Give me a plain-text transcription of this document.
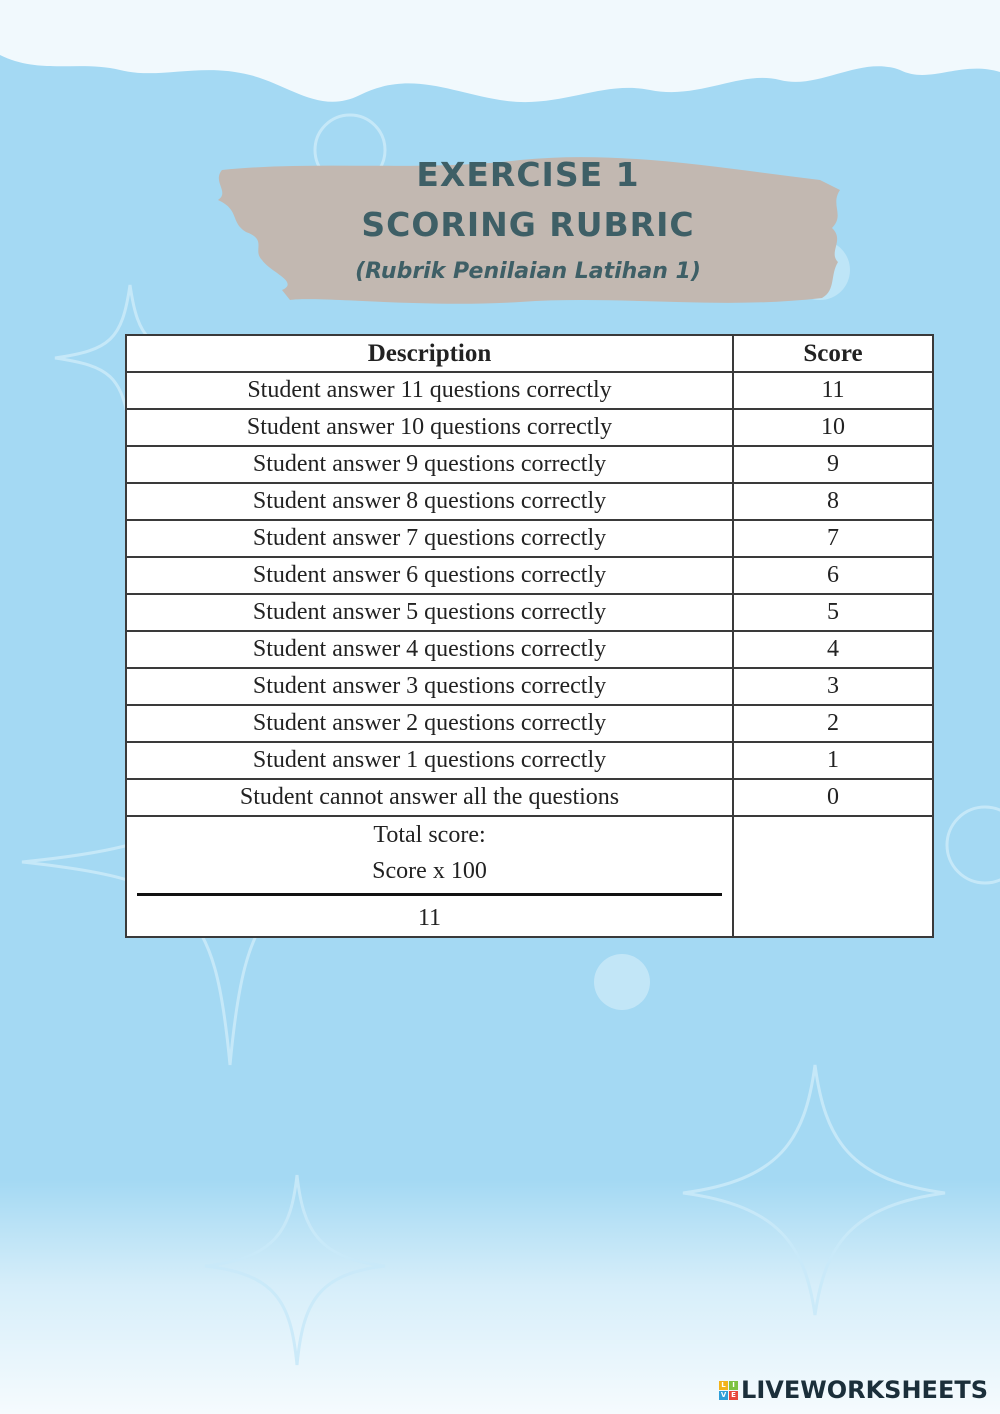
EXERCISE 1
SCORING RUBRIC
(Rubrik Penilaian Latihan 1)
Description	Score
Student answer 11 questions correctly	11
Student answer 10 questions correctly	10
Student answer 9 questions correctly	9
Student answer 8 questions correctly	8
Student answer 7 questions correctly	7
Student answer 6 questions correctly	6
Student answer 5 questions correctly	5
Student answer 4 questions correctly	4
Student answer 3 questions correctly	3
Student answer 2 questions correctly	2
Student answer 1 questions correctly	1
Student cannot answer all the questions	0

Total score:
Score x 100
11	

L I
V E LIVEWORKSHEETS
